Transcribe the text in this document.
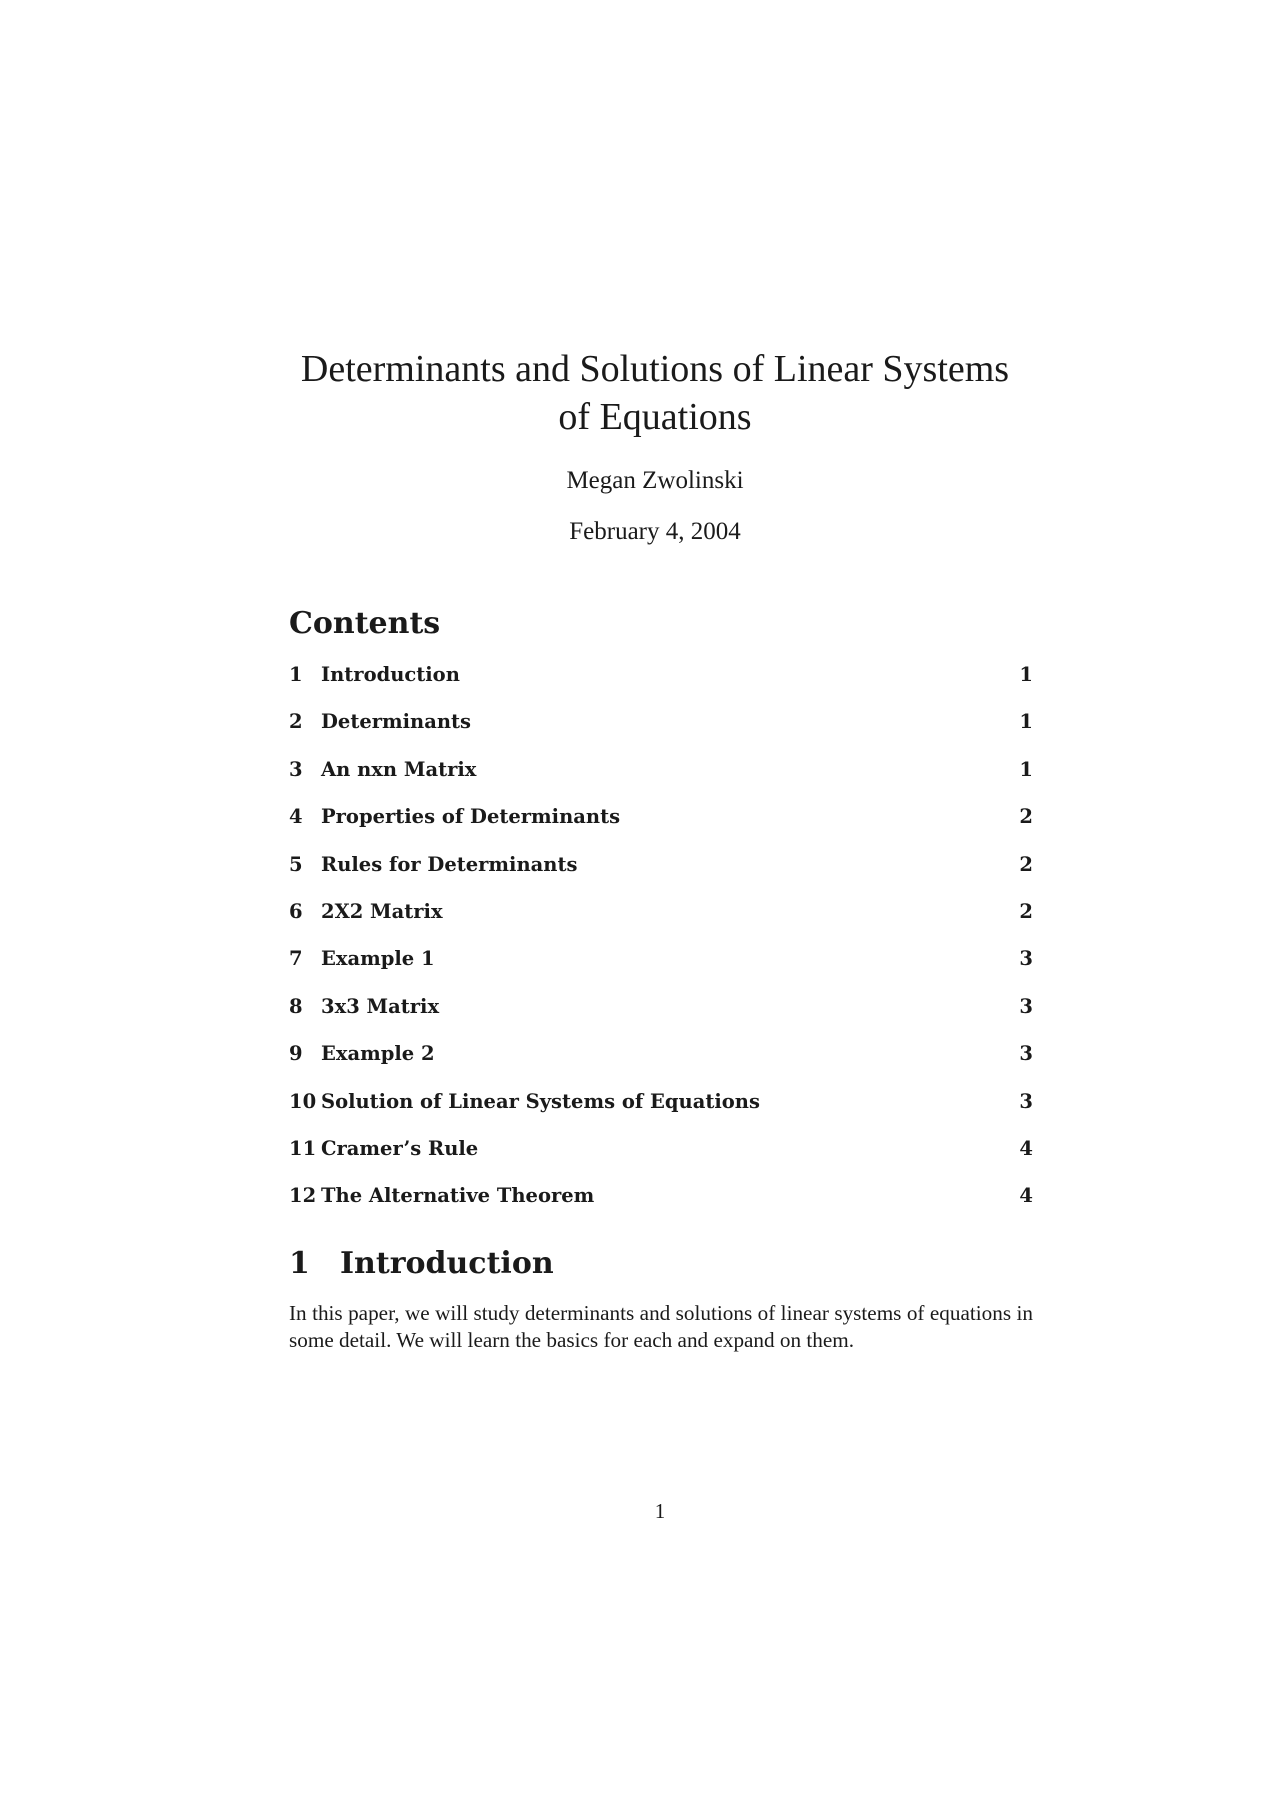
Determinants and Solutions of Linear Systems of Equations
Megan Zwolinski
February 4, 2004
Contents
1 Introduction	1
2 Determinants	1
3 An nxn Matrix	1
4 Properties of Determinants	2
5 Rules for Determinants	2
6 2X2 Matrix	2
7 Example 1	3
8 3x3 Matrix	3
9 Example 2	3
10 Solution of Linear Systems of Equations	3
11 Cramer’s Rule	4
12 The Alternative Theorem	4
1 Introduction

In this paper, we will study determinants and solutions of linear systems of equations in some detail. We will learn the basics for each and expand on them.

1
